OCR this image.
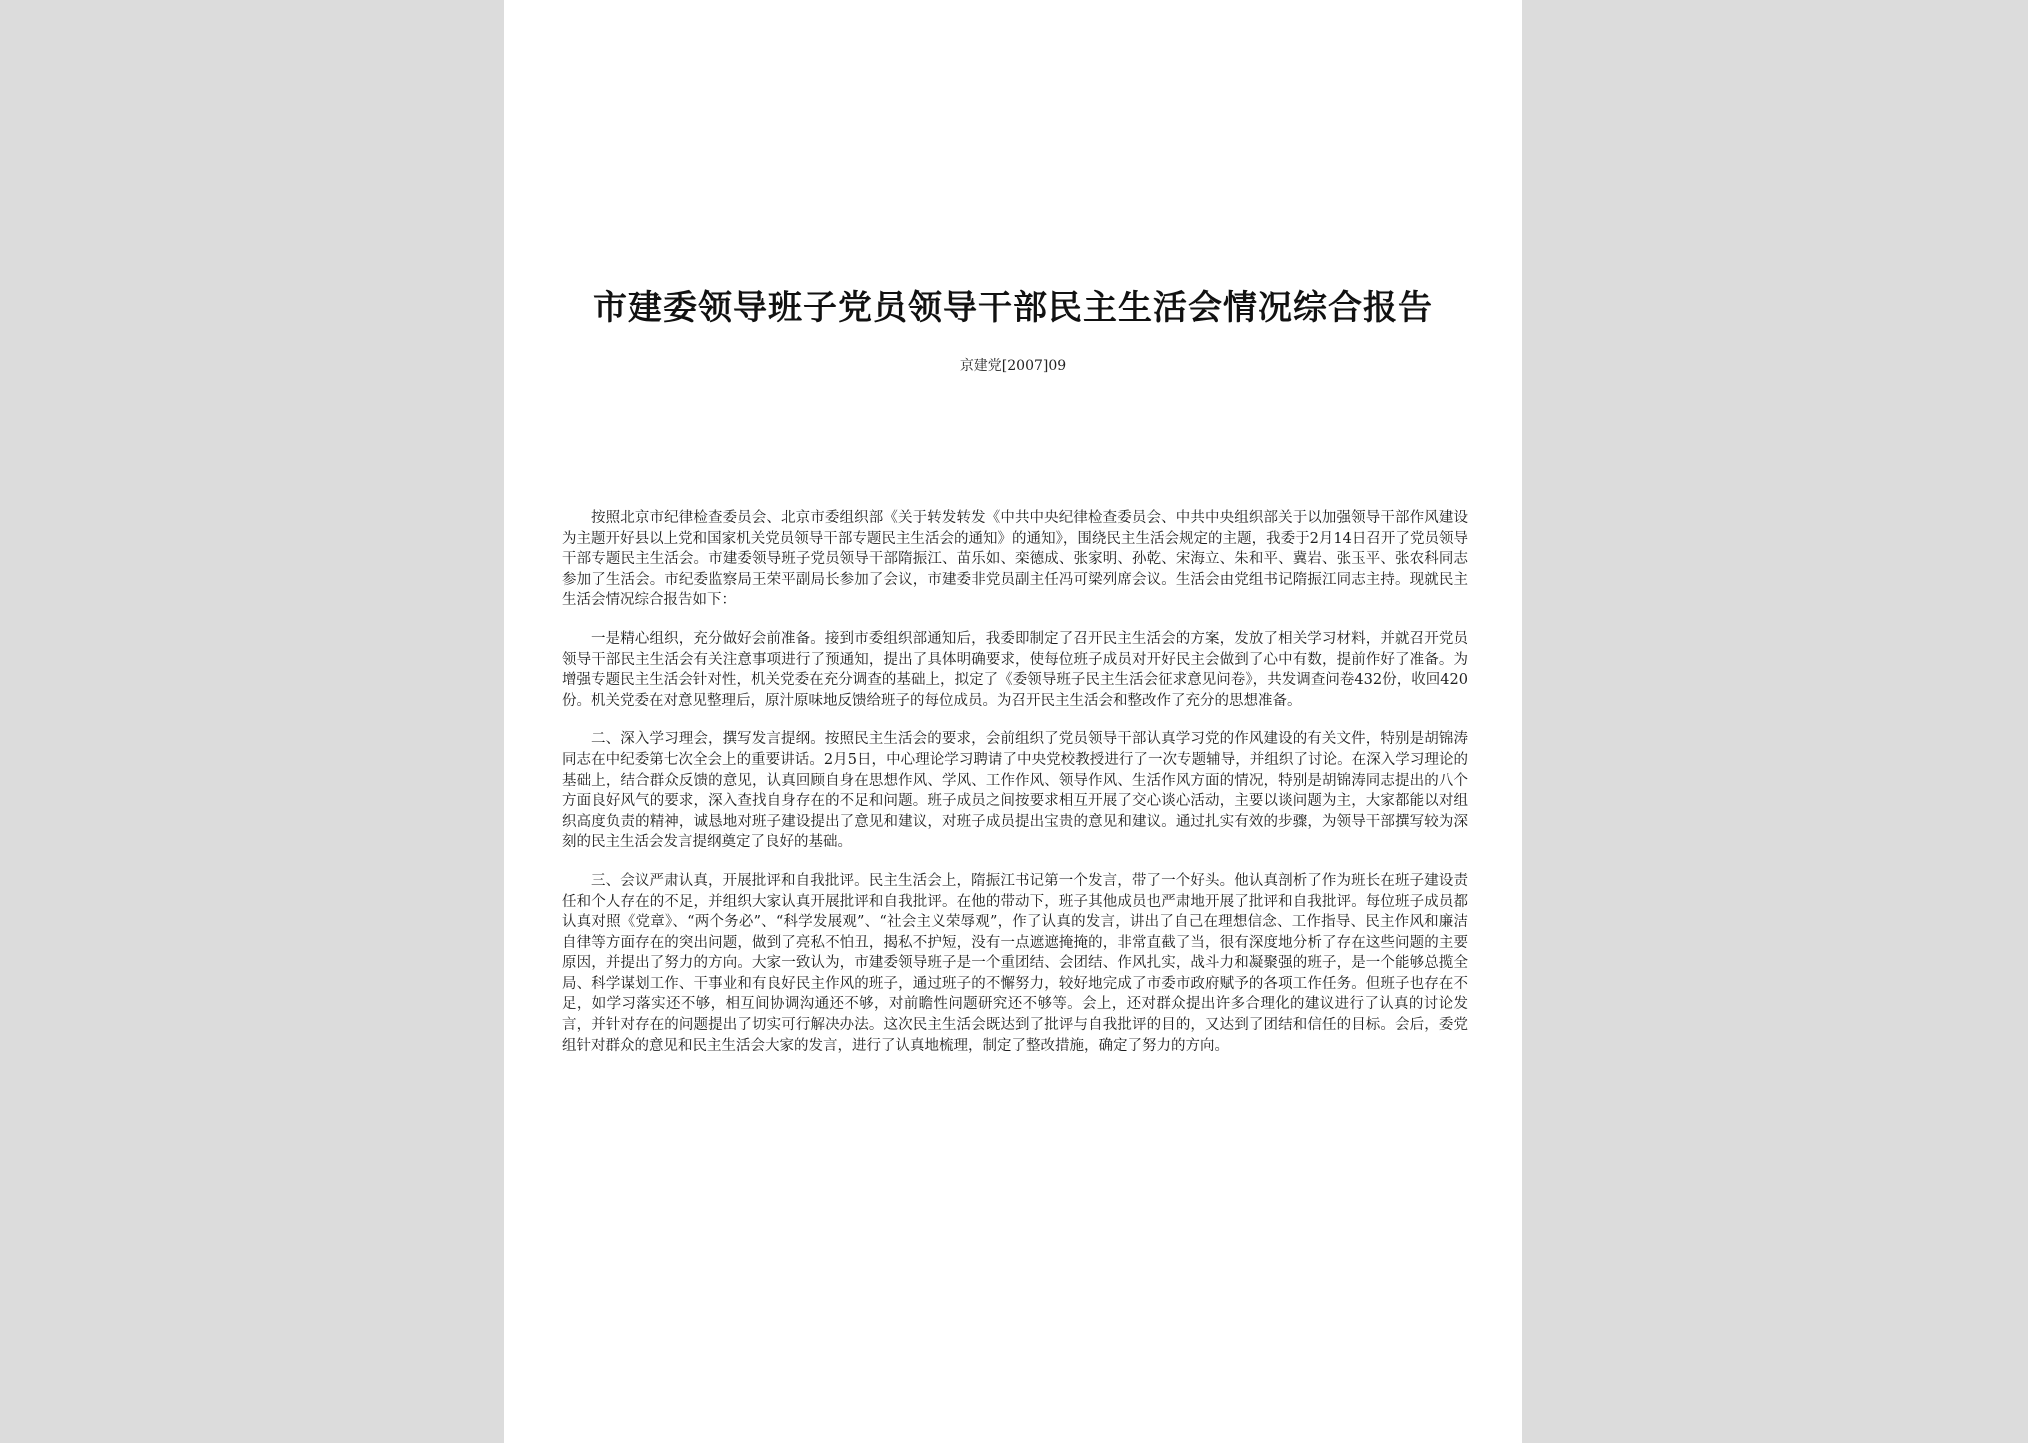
市建委领导班子党员领导干部民主生活会情况综合报告
京建党[2007]09

按照北京市纪律检查委员会、北京市委组织部《关于转发转发《中共中央纪律检查委员会、中共中央组织部关于以加强领导干部作风建设为主题开好县以上党和国家机关党员领导干部专题民主生活会的通知》的通知》，围绕民主生活会规定的主题，我委于2月14日召开了党员领导干部专题民主生活会。市建委领导班子党员领导干部隋振江、苗乐如、栾德成、张家明、孙乾、宋海立、朱和平、冀岩、张玉平、张农科同志参加了生活会。市纪委监察局王荣平副局长参加了会议，市建委非党员副主任冯可梁列席会议。生活会由党组书记隋振江同志主持。现就民主生活会情况综合报告如下：

一是精心组织，充分做好会前准备。接到市委组织部通知后，我委即制定了召开民主生活会的方案，发放了相关学习材料，并就召开党员领导干部民主生活会有关注意事项进行了预通知，提出了具体明确要求，使每位班子成员对开好民主会做到了心中有数，提前作好了准备。为增强专题民主生活会针对性，机关党委在充分调查的基础上，拟定了《委领导班子民主生活会征求意见问卷》，共发调查问卷432份，收回420份。机关党委在对意见整理后，原汁原味地反馈给班子的每位成员。为召开民主生活会和整改作了充分的思想准备。

二、深入学习理会，撰写发言提纲。按照民主生活会的要求，会前组织了党员领导干部认真学习党的作风建设的有关文件，特别是胡锦涛同志在中纪委第七次全会上的重要讲话。2月5日，中心理论学习聘请了中央党校教授进行了一次专题辅导，并组织了讨论。在深入学习理论的基础上，结合群众反馈的意见，认真回顾自身在思想作风、学风、工作作风、领导作风、生活作风方面的情况，特别是胡锦涛同志提出的八个方面良好风气的要求，深入查找自身存在的不足和问题。班子成员之间按要求相互开展了交心谈心活动，主要以谈问题为主，大家都能以对组织高度负责的精神，诚恳地对班子建设提出了意见和建议，对班子成员提出宝贵的意见和建议。通过扎实有效的步骤，为领导干部撰写较为深刻的民主生活会发言提纲奠定了良好的基础。

三、会议严肃认真，开展批评和自我批评。民主生活会上，隋振江书记第一个发言，带了一个好头。他认真剖析了作为班长在班子建设责任和个人存在的不足，并组织大家认真开展批评和自我批评。在他的带动下，班子其他成员也严肃地开展了批评和自我批评。每位班子成员都认真对照《党章》、“两个务必”、“科学发展观”、“社会主义荣辱观”，作了认真的发言，讲出了自己在理想信念、工作指导、民主作风和廉洁自律等方面存在的突出问题，做到了亮私不怕丑，揭私不护短，没有一点遮遮掩掩的，非常直截了当，很有深度地分析了存在这些问题的主要原因，并提出了努力的方向。大家一致认为，市建委领导班子是一个重团结、会团结、作风扎实，战斗力和凝聚强的班子，是一个能够总揽全局、科学谋划工作、干事业和有良好民主作风的班子，通过班子的不懈努力，较好地完成了市委市政府赋予的各项工作任务。但班子也存在不足，如学习落实还不够，相互间协调沟通还不够，对前瞻性问题研究还不够等。会上，还对群众提出许多合理化的建议进行了认真的讨论发言，并针对存在的问题提出了切实可行解决办法。这次民主生活会既达到了批评与自我批评的目的，又达到了团结和信任的目标。会后，委党组针对群众的意见和民主生活会大家的发言，进行了认真地梳理，制定了整改措施，确定了努力的方向。
